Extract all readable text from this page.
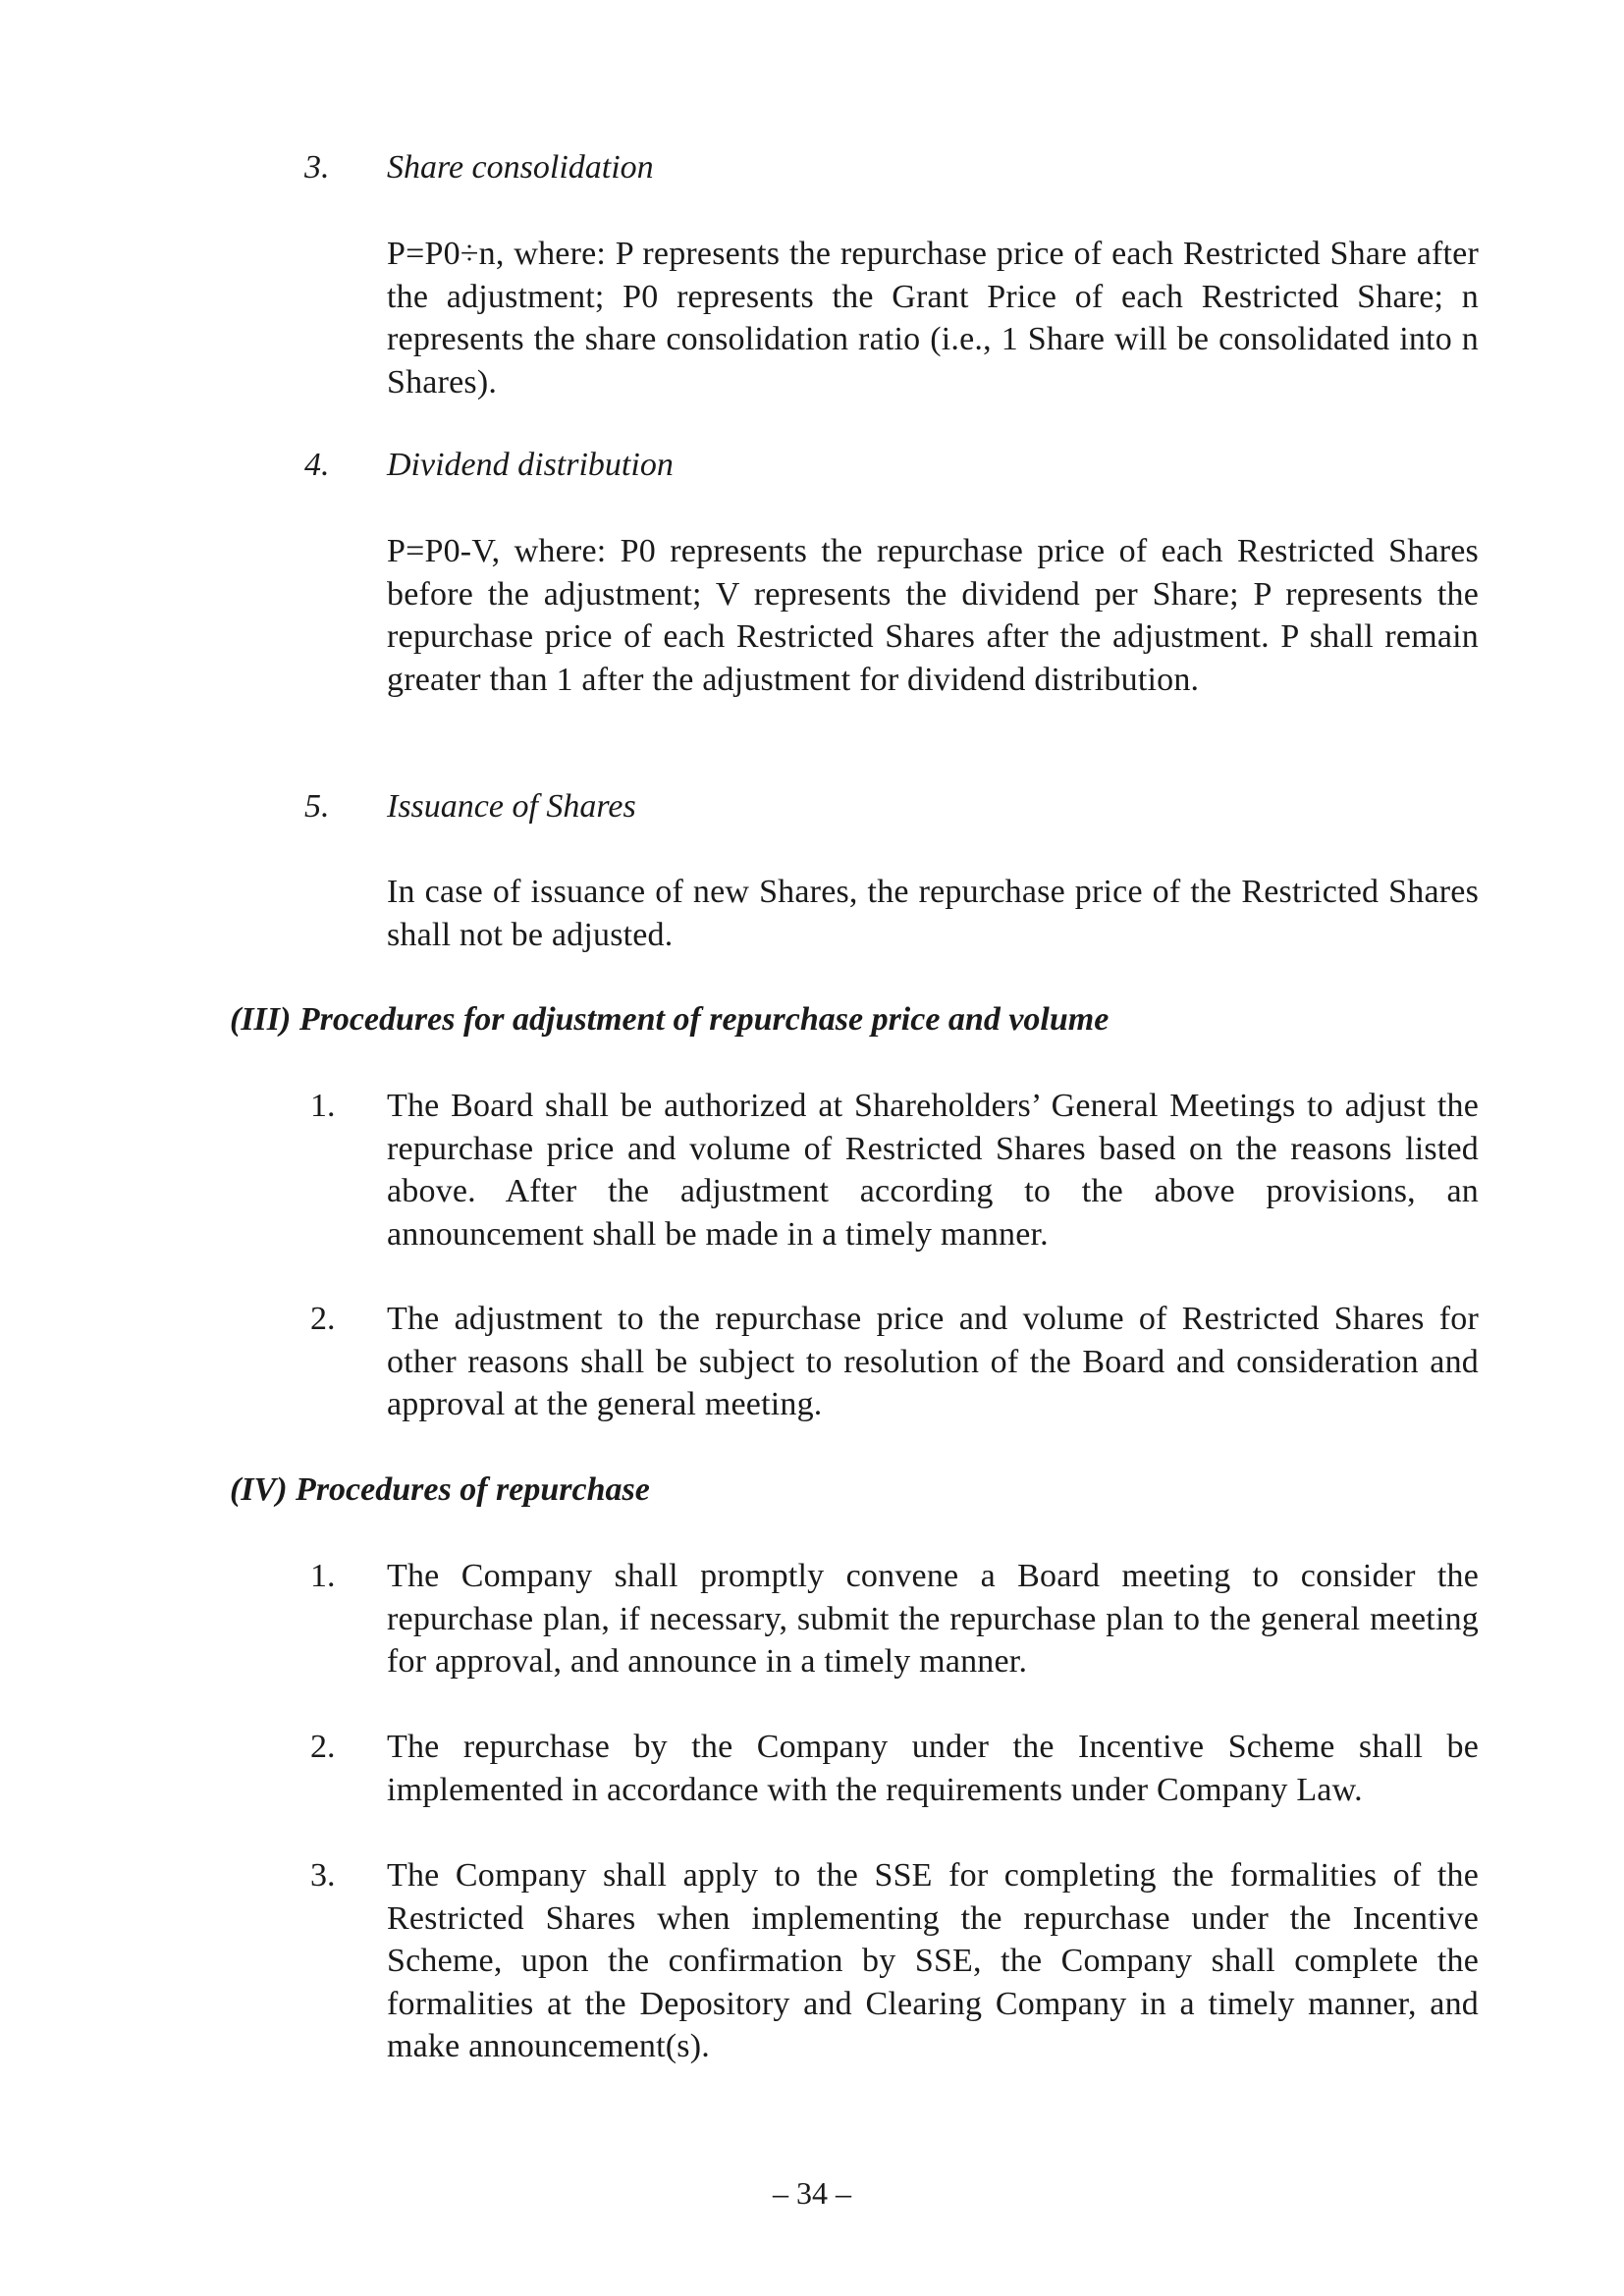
3. Share consolidation
P=P0÷n, where: P represents the repurchase price of each Restricted Share after the adjustment; P0 represents the Grant Price of each Restricted Share; n represents the share consolidation ratio (i.e., 1 Share will be consolidated into n Shares).
4. Dividend distribution
P=P0-V, where: P0 represents the repurchase price of each Restricted Shares before the adjustment; V represents the dividend per Share; P represents the repurchase price of each Restricted Shares after the adjustment. P shall remain greater than 1 after the adjustment for dividend distribution.
5. Issuance of Shares
In case of issuance of new Shares, the repurchase price of the Restricted Shares shall not be adjusted.
(III) Procedures for adjustment of repurchase price and volume
1. The Board shall be authorized at Shareholders’ General Meetings to adjust the repurchase price and volume of Restricted Shares based on the reasons listed above. After the adjustment according to the above provisions, an announcement shall be made in a timely manner.
2. The adjustment to the repurchase price and volume of Restricted Shares for other reasons shall be subject to resolution of the Board and consideration and approval at the general meeting.
(IV) Procedures of repurchase
1. The Company shall promptly convene a Board meeting to consider the repurchase plan, if necessary, submit the repurchase plan to the general meeting for approval, and announce in a timely manner.
2. The repurchase by the Company under the Incentive Scheme shall be implemented in accordance with the requirements under Company Law.
3. The Company shall apply to the SSE for completing the formalities of the Restricted Shares when implementing the repurchase under the Incentive Scheme, upon the confirmation by SSE, the Company shall complete the formalities at the Depository and Clearing Company in a timely manner, and make announcement(s).
– 34 –
